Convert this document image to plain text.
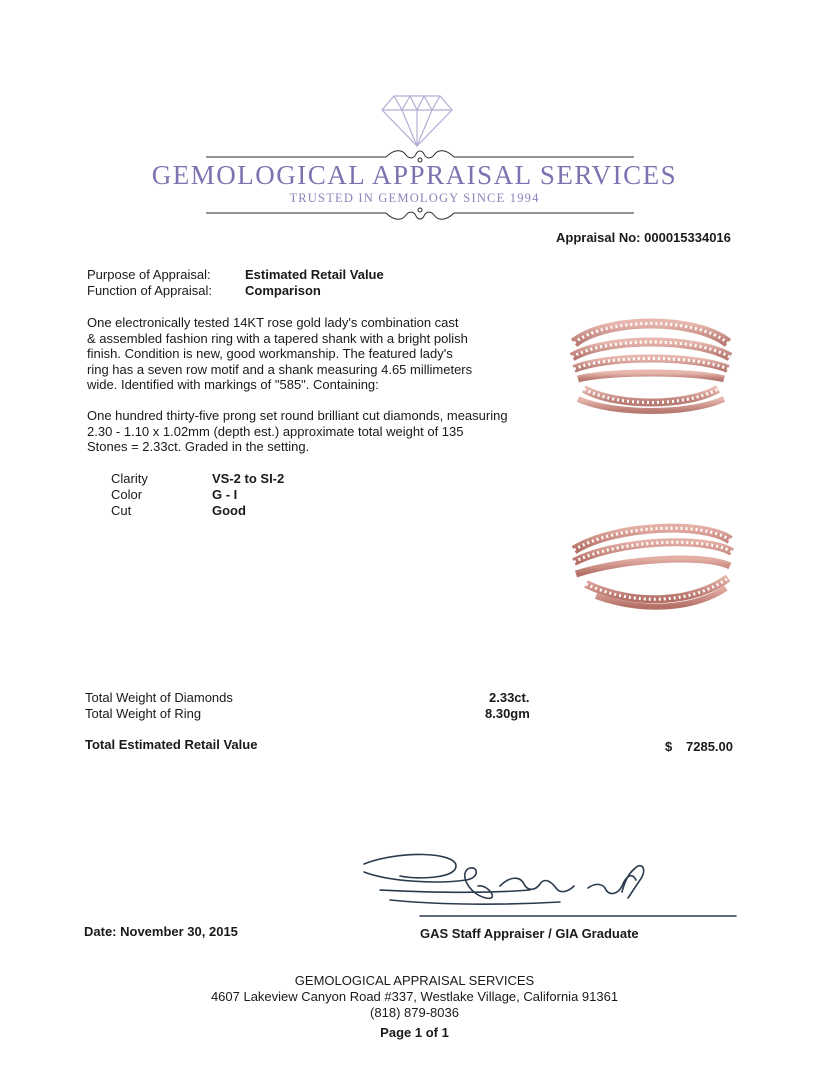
GEMOLOGICAL APPRAISAL SERVICES
TRUSTED IN GEMOLOGY SINCE 1994
Appraisal No: 000015334016
Purpose of Appraisal:	Estimated Retail Value
Function of Appraisal:	Comparison
One electronically tested 14KT rose gold lady's combination cast
& assembled fashion ring with a tapered shank with a bright polish
finish. Condition is new, good workmanship. The featured lady's
ring has a seven row motif and a shank measuring 4.65 millimeters
wide. Identified with markings of "585". Containing:
One hundred thirty-five prong set round brilliant cut diamonds, measuring
2.30 - 1.10 x 1.02mm (depth est.) approximate total weight of 135
Stones = 2.33ct. Graded in the setting.
Clarity	VS-2 to SI-2
Color	G - I
Cut	Good
Total Weight of Diamonds	2.33ct.
Total Weight of Ring	8.30gm
Total Estimated Retail Value	$ 7285.00
Date: November 30, 2015	GAS Staff Appraiser / GIA Graduate
GEMOLOGICAL APPRAISAL SERVICES
4607 Lakeview Canyon Road #337, Westlake Village, California 91361
(818) 879-8036
Page 1 of 1
